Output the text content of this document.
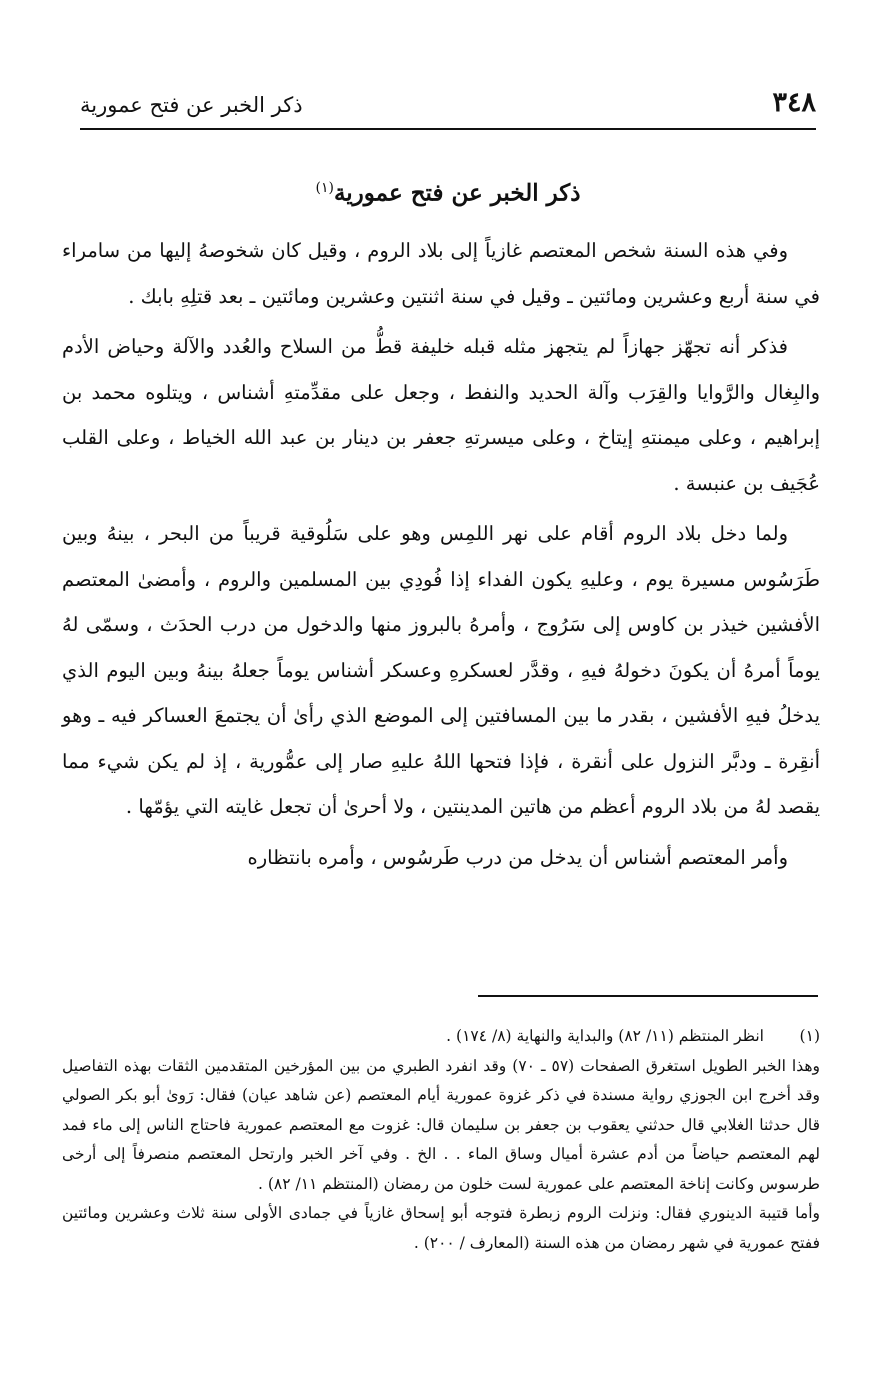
٣٤٨
ذكر الخبر عن فتح عمورية
ذكر الخبر عن فتح عمورية$^{(١)}$

وفي هذه السنة شخص المعتصم غازياً إلى بلاد الروم ، وقيل كان شخوصهُ إليها من سامراء في سنة أربع وعشرين ومائتين ـ وقيل في سنة اثنتين وعشرين ومائتين ـ بعد قتلِهِ بابك .

فذكر أنه تجهّز جهازاً لم يتجهز مثله قبله خليفة قطُّ من السلاح والعُدد والآلة وحياض الأدم والبِغال والرَّوايا والقِرَب وآلة الحديد والنفط ، وجعل على مقدِّمتهِ أشناس ، ويتلوه محمد بن إبراهيم ، وعلى ميمنتهِ إيتاخ ، وعلى ميسرتهِ جعفر بن دينار بن عبد الله الخياط ، وعلى القلب عُجَيف بن عنبسة .

ولما دخل بلاد الروم أقام على نهر اللمِس وهو على سَلُوقية قريباً من البحر ، بينهُ وبين طَرَسُوس مسيرة يوم ، وعليهِ يكون الفداء إذا فُودِي بين المسلمين والروم ، وأمضىٰ المعتصم الأفشين خيذر بن كاوس إلى سَرُوج ، وأمرهُ بالبروز منها والدخول من درب الحدَث ، وسمّى لهُ يوماً أمرهُ أن يكونَ دخولهُ فيهِ ، وقدَّر لعسكرهِ وعسكر أشناس يوماً جعلهُ بينهُ وبين اليوم الذي يدخلُ فيهِ الأفشين ، بقدر ما بين المسافتين إلى الموضع الذي رأىٰ أن يجتمعَ العساكر فيه ـ وهو أنقِرة ـ ودبَّر النزول على أنقرة ، فإذا فتحها اللهُ عليهِ صار إلى عمُّورية ، إذ لم يكن شيء مما يقصد لهُ من بلاد الروم أعظم من هاتين المدينتين ، ولا أحرىٰ أن تجعل غايته التي يؤمّها .

وأمر المعتصم أشناس أن يدخل من درب طَرسُوس ، وأمره بانتظاره

(١)
انظر المنتظم (١١/ ٨٢) والبداية والنهاية (٨/ ١٧٤) .

وهذا الخبر الطويل استغرق الصفحات (٥٧ ـ ٧٠) وقد انفرد الطبري من بين المؤرخين المتقدمين الثقات بهذه التفاصيل وقد أخرج ابن الجوزي رواية مسندة في ذكر غزوة عمورية أيام المعتصم (عن شاهد عيان) فقال: رَوىٰ أبو بكر الصولي قال حدثنا الغلابي قال حدثني يعقوب بن جعفر بن سليمان قال: غزوت مع المعتصم عمورية فاحتاج الناس إلى ماء فمد لهم المعتصم حياضاً من أدم عشرة أميال وساق الماء . . الخ . وفي آخر الخبر وارتحل المعتصم منصرفاً إلى أرخى طرسوس وكانت إناخة المعتصم على عمورية لست خلون من رمضان (المنتظم ١١/ ٨٢) .

وأما قتيبة الدينوري فقال: ونزلت الروم زبطرة فتوجه أبو إسحاق غازياً في جمادى الأولى سنة ثلاث وعشرين ومائتين ففتح عمورية في شهر رمضان من هذه السنة (المعارف / ٢٠٠) .
